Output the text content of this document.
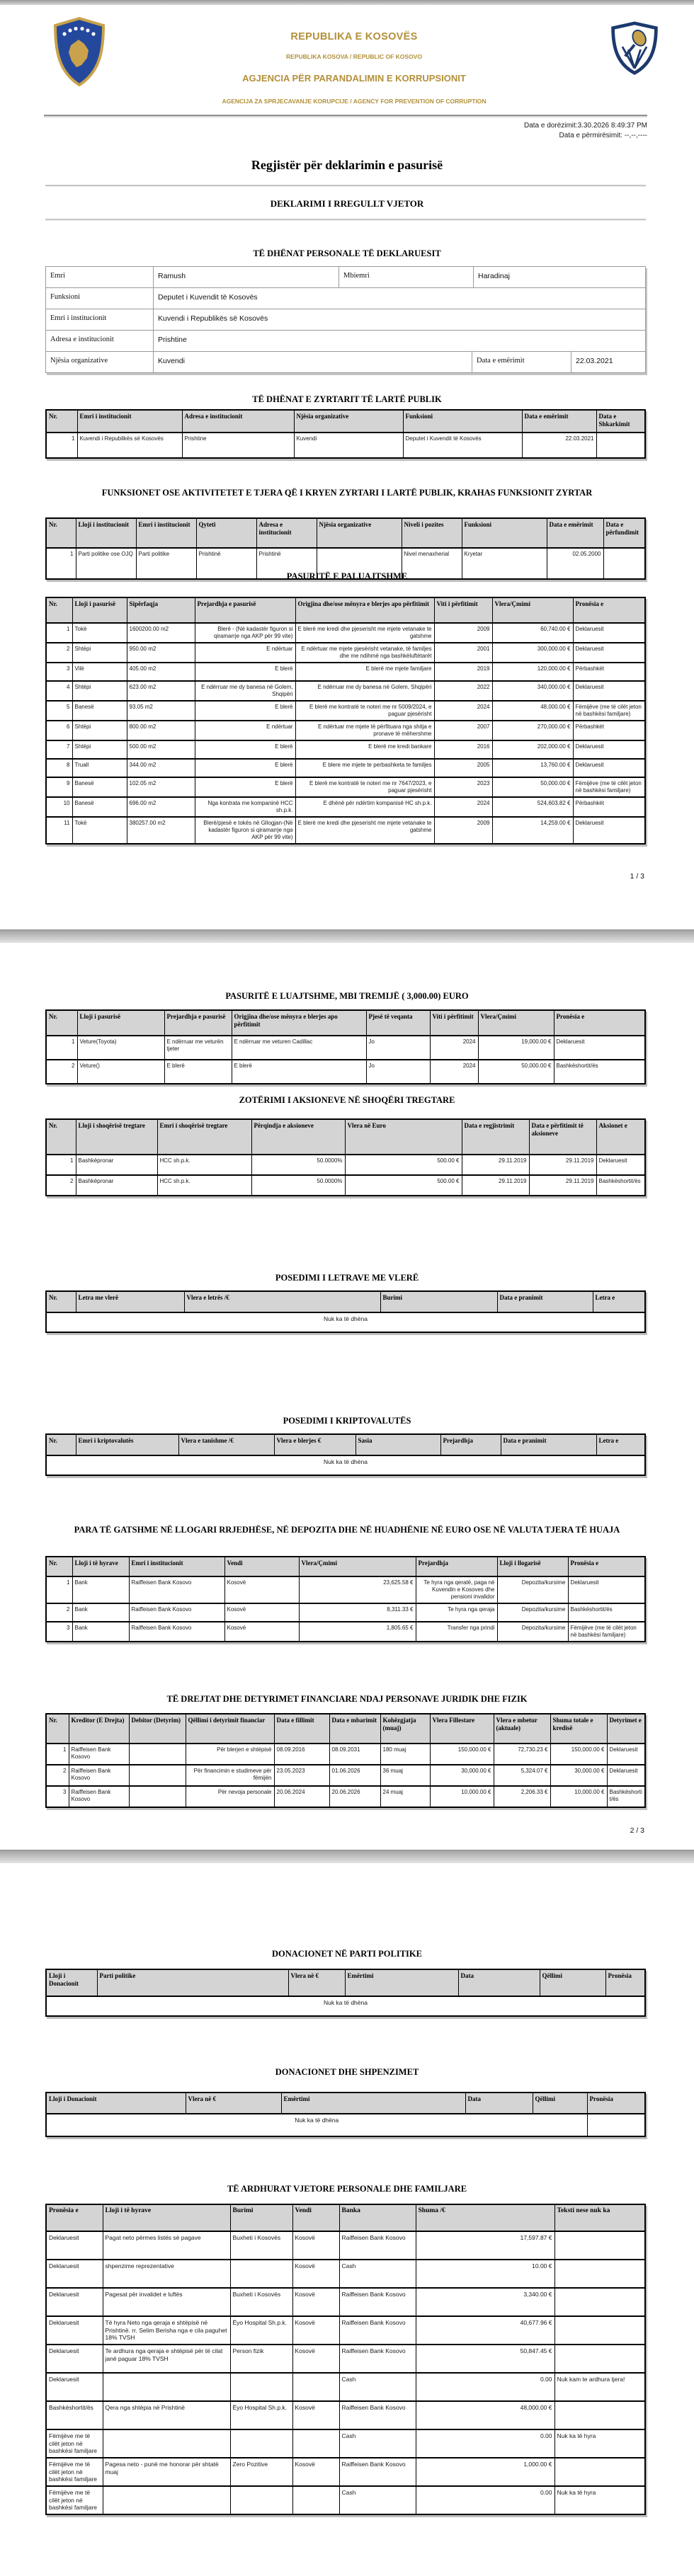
REPUBLIKA E KOSOVËS
REPUBLIKA KOSOVA / REPUBLIC OF KOSOVO
AGJENCIA PËR PARANDALIMIN E KORRUPSIONIT
AGENCIJA ZA SPRJECAVANJE KORUPCIJE / AGENCY FOR PREVENTION OF CORRUPTION
Data e dorëzimit:3.30.2026 8:49:37 PM
Data e përmirësimit: --,--,----
Regjistër për deklarimin e pasurisë
DEKLARIMI I RREGULLT VJETOR
TË DHËNAT PERSONALE TË DEKLARUESIT
Emri	Ramush	Mbiemri	Haradinaj
Funksioni	Deputet i Kuvendit të Kosovës
Emri i institucionit	Kuvendi i Republikës së Kosovës
Adresa e institucionit	Prishtine
Njësia organizative	Kuvendi	Data e emërimit	22.03.2021
TË DHËNAT E ZYRTARIT TË LARTË PUBLIK
Nr.	Emri i institucionit	Adresa e institucionit	Njësia organizative	Funksioni	Data e emërimit	Data e Shkarkimit
1	Kuvendi i Republikës së Kosovës	Prishtine	Kuvendi	Deputet i Kuvendit të Kosovës	22.03.2021	
FUNKSIONET OSE AKTIVITETET E TJERA QË I KRYEN ZYRTARI I LARTË PUBLIK, KRAHAS FUNKSIONIT ZYRTAR
Nr.	Lloji i institucionit	Emri i institucionit	Qyteti	Adresa e institucionit	Njësia organizative	Niveli i pozites	Funksioni	Data e emërimit	Data e përfundimit
1	Parti politike ose OJQ	Parti politike	Prishtinë	Prishtinë		Nivel menaxherial	Kryetar	02.05.2000	
PASURITË E PALUAJTSHME
Nr.	Lloji i pasurisë	Sipërfaqja	Prejardhja e pasurisë	Origjina dhe/ose mënyra e blerjes apo përfitimit	Viti i përfitimit	Vlera/Çmimi	Pronësia e
1	Tokë	1600200.00 m2	Blerë - (Në kadastër figuron si qiramarrje nga AKP për 99 vite)	E blerë me kredi dhe pjeserisht me mjete vetanake te gatshme	2009	60,740.00 €	Deklaruesit
2	Shtëpi	950.00 m2	E ndërtuar	E ndërtuar me mjete pjesërisht vetanake, të familjes dhe me ndihmë nga bashkëluftëtarët	2001	300,000.00 €	Deklaruesit
3	Vilë	405.00 m2	E blerë	E blerë me mjete familjare	2019	120,000.00 €	Përbashkët
4	Shtëpi	623.00 m2	E ndërruar me dy banesa në Golem, Shqipëri	E ndërruar me dy banesa në Golem, Shqipëri	2022	340,000.00 €	Deklaruesit
5	Banesë	93.05 m2	E blerë	E blerë me kontratë te noteri me nr 5009/2024, e paguar pjesërisht	2024	48,000.00 €	Fëmijëve (me të cilët jeton në bashkësi familjare)
6	Shtëpi	800.00 m2	E ndërtuar	E ndërtuar me mjete të përfituara nga shitja e pronave të mëhershme	2007	270,000.00 €	Përbashkët
7	Shtëpi	500.00 m2	E blerë	E blerë me kredi bankare	2016	202,000.00 €	Deklaruesit
8	Truall	344.00 m2	E blerë	E blere me mjete te perbashketa te familjes	2005	13,760.00 €	Deklaruesit
9	Banesë	102.05 m2	E blerë	E blerë me kontratë te noteri me nr 7647/2023, e paguar pjesërisht	2023	50,000.00 €	Fëmijëve (me të cilët jeton në bashkësi familjare)
10	Banesë	696.00 m2	Nga kontrata me kompaninë HCC sh.p.k.	E dhënë për ndërtim kompanisë HC sh.p.k.	2024	524,603.82 €	Përbashkët
11	Tokë	380257.00 m2	Blerë/pjesë e tokës në Gllogjan-(Në kadastër figuron si qiramarrje nga AKP për 99 vite)	E blerë me kredi dhe pjeserisht me mjete vetanake te gatshme	2009	14,259.00 €	Deklaruesit
1 / 3
PASURITË E LUAJTSHME, MBI TREMIJË ( 3,000.00) EURO
Nr.	Lloji i pasurisë	Prejardhja e pasurisë	Origjina dhe/ose mënyra e blerjes apo përfitimit	Pjesë të veqanta	Viti i përfitimit	Vlera/Çmimi	Pronësia e
1	Veture(Toyota)	E ndërruar me veturën tjeter	E ndërruar me veturen Cadillac	Jo	2024	19,000.00 €	Deklaruesit
2	Veture()	E blerë	E blerë	Jo	2024	50,000.00 €	Bashkëshortit/ës
ZOTËRIMI I AKSIONEVE NË SHOQËRI TREGTARE
Nr.	Lloji i shoqërisë tregtare	Emri i shoqërisë tregtare	Përqindja e aksioneve	Vlera në Euro	Data e regjistrimit	Data e përfitimit të aksioneve	Aksionet e
1	Bashkëpronar	HCC sh.p.k.	50.0000%	500.00 €	29.11.2019	29.11.2019	Deklaruesit
2	Bashkëpronar	HCC sh.p.k.	50.0000%	500.00 €	29.11.2019	29.11.2019	Bashkëshortit/ës
POSEDIMI I LETRAVE ME VLERË
Nr.	Letra me vlerë	Vlera e letrës /€	Burimi	Data e pranimit	Letra e
Nuk ka të dhëna
POSEDIMI I KRIPTOVALUTËS
Nr.	Emri i kriptovalutës	Vlera e tanishme /€	Vlera e blerjes €	Sasia	Prejardhja	Data e pranimit	Letra e
Nuk ka të dhëna
PARA TË GATSHME NË LLOGARI RRJEDHËSE, NË DEPOZITA DHE NË HUADHËNIE NË EURO OSE NË VALUTA TJERA TË HUAJA
Nr.	Lloji i të hyrave	Emri i institucionit	Vendi	Vlera/Çmimi	Prejardhja	Lloji i llogarisë	Pronësia e
1	Bank	Raiffeisen Bank Kosovo	Kosovë	23,625.58 €	Te hyra nga qeratë, paga në Kuvendin e Kosoves dhe pensioni invalidor	Depozita/kursime	Deklaruesit
2	Bank	Raiffeisen Bank Kosovo	Kosovë	8,311.33 €	Te hyra nga qeraja	Depozita/kursime	Bashkëshortit/ës
3	Bank	Raiffeisen Bank Kosovo	Kosovë	1,805.65 €	Transfer nga prindi	Depozita/kursime	Fëmijëve (me të cilët jeton në bashkësi familjare)
TË DREJTAT DHE DETYRIMET FINANCIARE NDAJ PERSONAVE JURIDIK DHE FIZIK
Nr.	Kreditor (E Drejta)	Debitor (Detyrim)	Qëllimi i detyrimit financiar	Data e fillimit	Data e mbarimit	Kohëzgjatja (muaj)	Vlera Fillestare	Vlera e mbetur (aktuale)	Shuma totale e kredisë	Detyrimet e
1	Raiffeisen Bank Kosovo		Për blerjen e shtëpisë	08.09.2016	08.09.2031	180 muaj	150,000.00 €	72,730.23 €	150,000.00 €	Deklaruesit
2	Raiffeisen Bank Kosovo		Për financimin e studimeve për fëmijën	23.05.2023	01.06.2026	36 muaj	30,000.00 €	5,324.07 €	30,000.00 €	Deklaruesit
3	Raiffeisen Bank Kosovo		Për nevoja personale	20.06.2024	20.06.2026	24 muaj	10,000.00 €	2,206.33 €	10,000.00 €	Bashkëshortit/ës
2 / 3
DONACIONET NË PARTI POLITIKE
Lloji i Donacionit	Parti politike	Vlera në €	Emërtimi	Data	Qëllimi	Pronësia
Nuk ka të dhëna
DONACIONET DHE SHPENZIMET
Lloji i Donacionit	Vlera në €	Emërtimi	Data	Qëllimi	Pronësia
Nuk ka të dhëna					
TË ARDHURAT VJETORE PERSONALE DHE FAMILJARE
Pronësia e	Lloji i të hyrave	Burimi	Vendi	Banka	Shuma /€	Teksti nese nuk ka
Deklaruesit	Pagat neto përmes listës së pagave	Buxheti i Kosovës	Kosovë	Raiffeisen Bank Kosovo	17,597.87 €	
Deklaruesit	shpenzime reprezentative		Kosovë	Cash	10.00 €	
Deklaruesit	Pagesat për invalidet e luftës	Buxheti i Kosovës	Kosovë	Raiffeisen Bank Kosovo	3,340.00 €	
Deklaruesit	Të hyra Neto nga qeraja e shtëpisë në Prishtinë. rr. Selim Berisha nga e cila paguhet 18% TVSH	Ëyo Hospital Sh.p.k.	Kosovë	Raiffeisen Bank Kosovo	40,677.96 €	
Deklaruesit	Te ardhura nga qeraja e shtëpisë për të cilat janë paguar 18% TVSH	Person fizik	Kosovë	Raiffeisen Bank Kosovo	50,847.45 €	
Deklaruesit				Cash	0.00	Nuk kam te ardhura tjera!
Bashkëshortit/ës	Qera nga shtëpia në Prishtinë	Ëyo Hospital Sh.p.k.	Kosovë	Raiffeisen Bank Kosovo	48,000.00 €	
Fëmijëve me të cilët jeton në bashkësi familjare				Cash	0.00	Nuk ka të hyra
Fëmijëve me të cilët jeton në bashkësi familjare	Pagesa neto - punë me honorar për shtatë muaj	Zero Pozitive	Kosovë	Raiffeisen Bank Kosovo	1,000.00 €	
Fëmijëve me të cilët jeton në bashkësi familjare				Cash	0.00	Nuk ka të hyra
